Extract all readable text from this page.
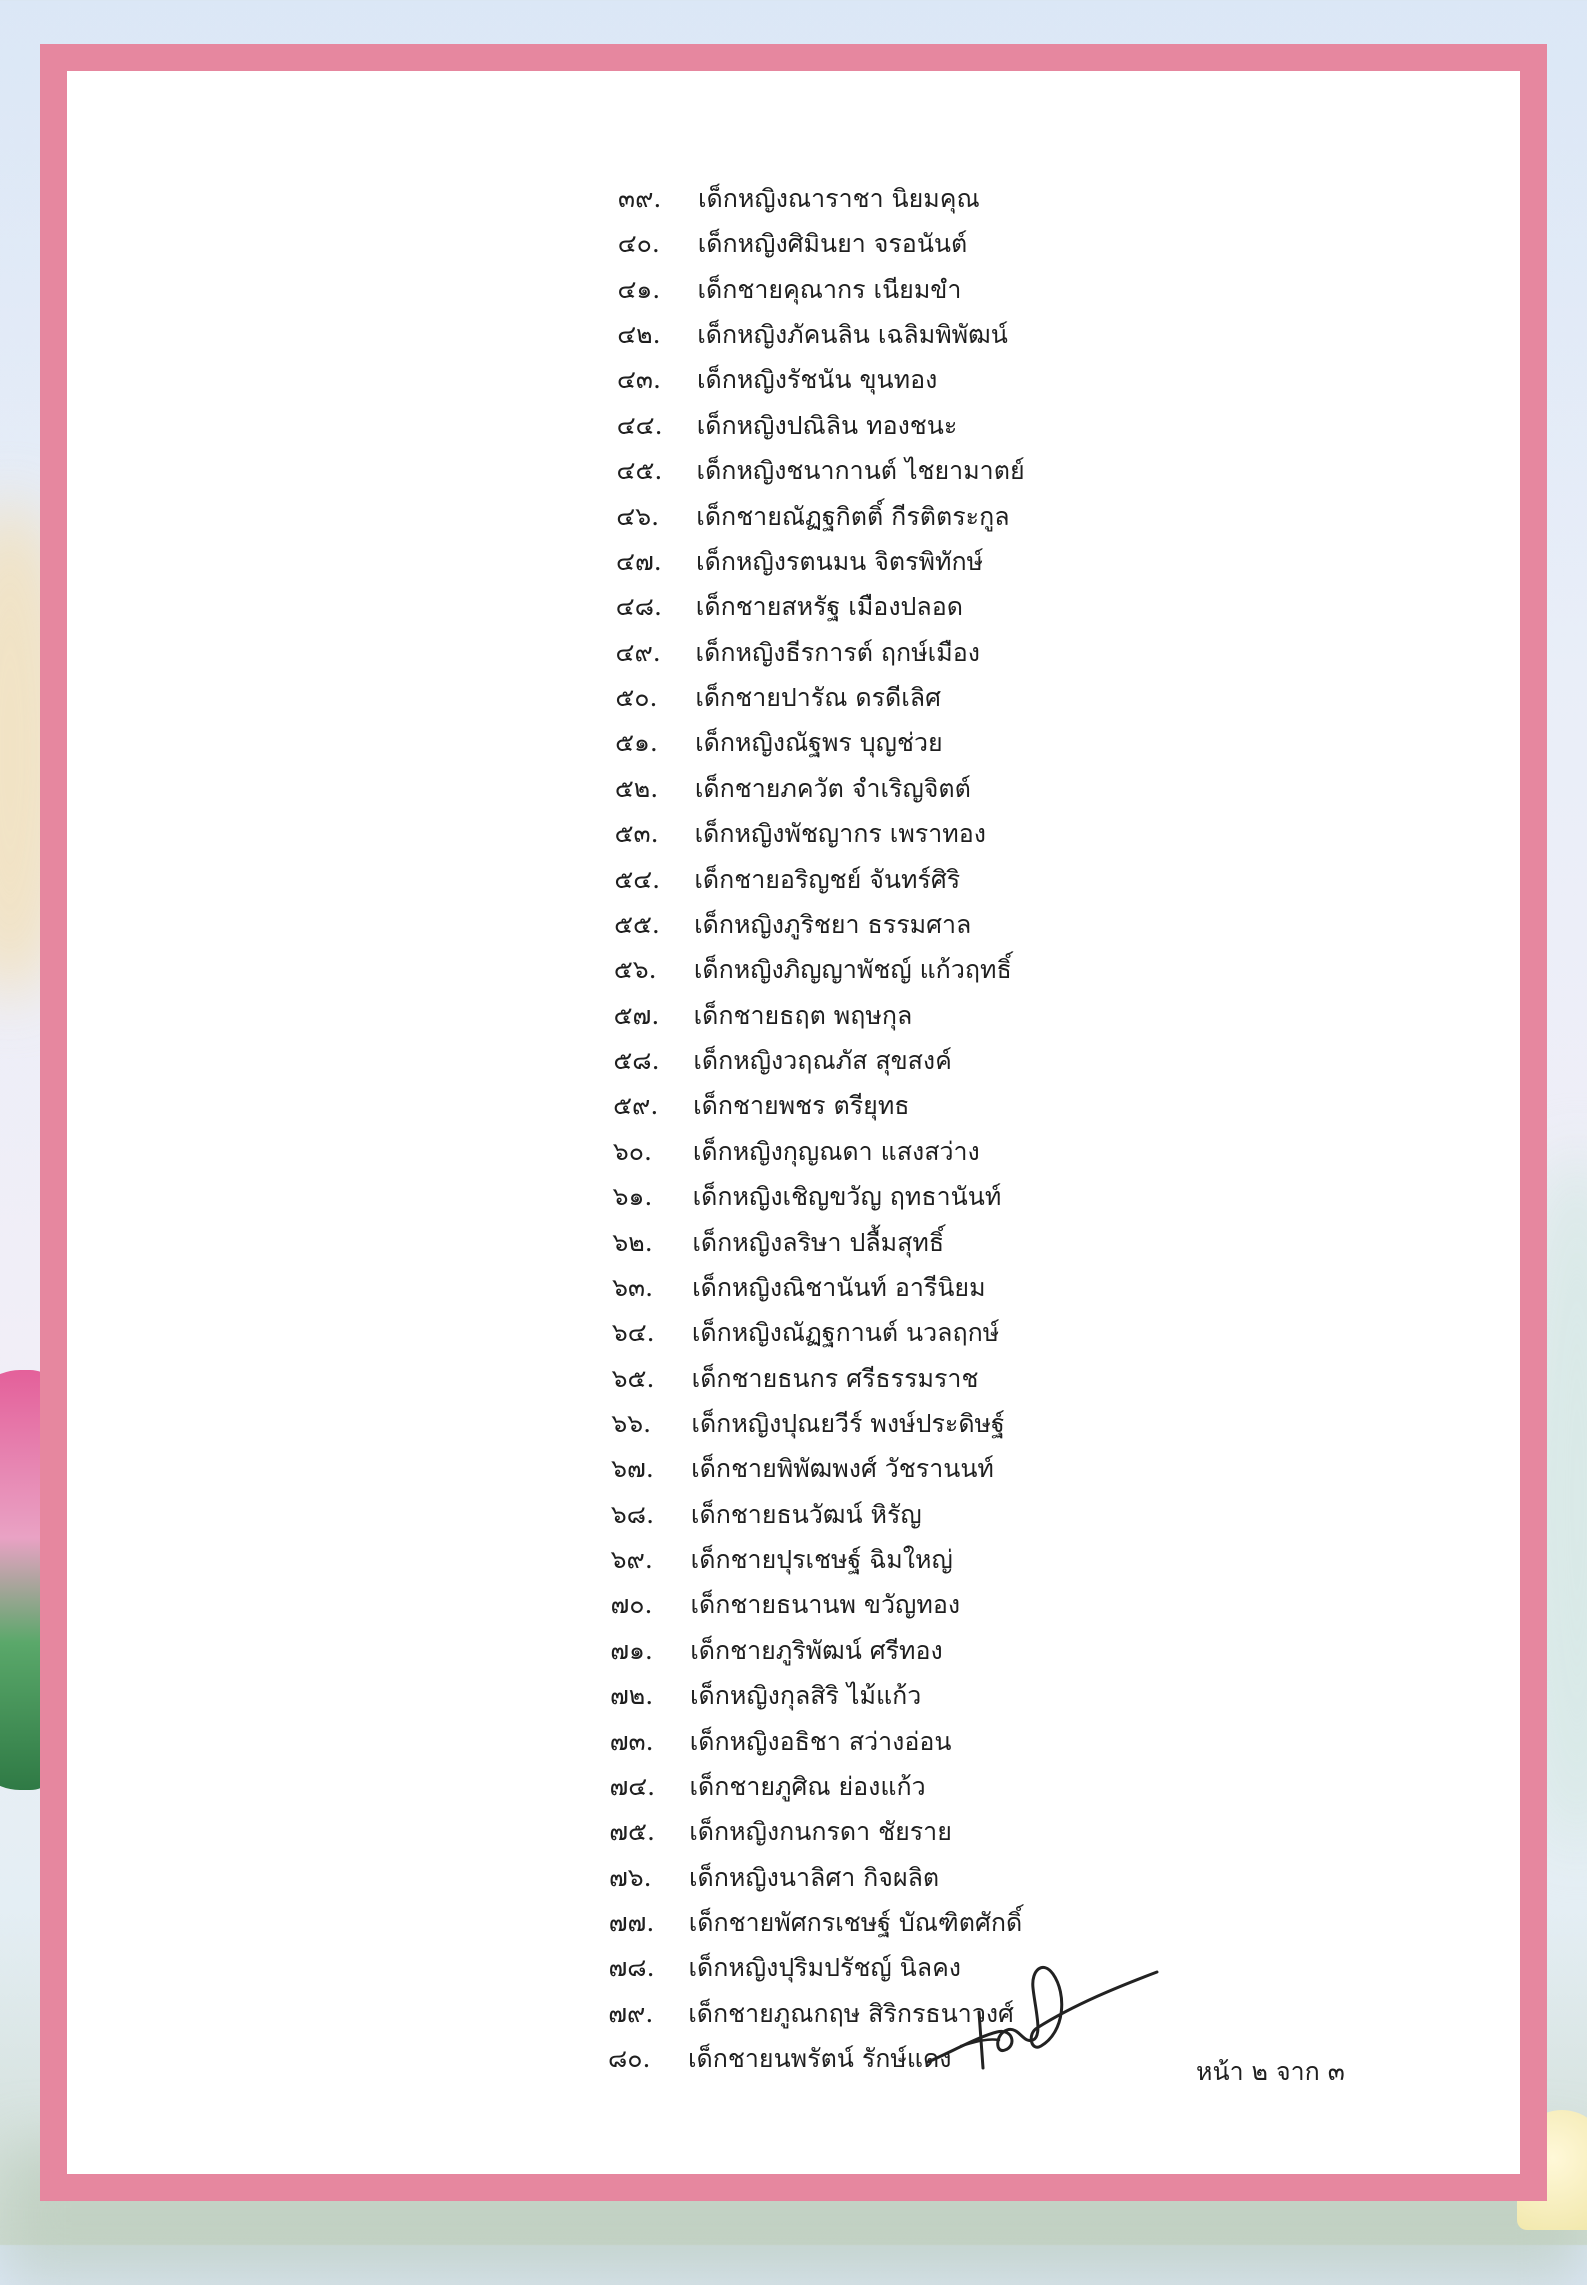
๓๙.	เด็กหญิงณาราชา นิยมคุณ
๔๐.	เด็กหญิงศิมินยา จรอนันต์
๔๑.	เด็กชายคุณากร เนียมขำ
๔๒.	เด็กหญิงภัคนลิน เฉลิมพิพัฒน์
๔๓.	เด็กหญิงรัชนัน ขุนทอง
๔๔.	เด็กหญิงปณิลิน ทองชนะ
๔๕.	เด็กหญิงชนากานต์ ไชยามาตย์
๔๖.	เด็กชายณัฏฐกิตติ์ กีรติตระกูล
๔๗.	เด็กหญิงรตนมน จิตรพิทักษ์
๔๘.	เด็กชายสหรัฐ เมืองปลอด
๔๙.	เด็กหญิงธีรการต์ ฤกษ์เมือง
๕๐.	เด็กชายปารัณ ดรดีเลิศ
๕๑.	เด็กหญิงณัฐพร บุญช่วย
๕๒.	เด็กชายภควัต จำเริญจิตต์
๕๓.	เด็กหญิงพัชญากร เพราทอง
๕๔.	เด็กชายอริญชย์ จันทร์ศิริ
๕๕.	เด็กหญิงภูริชยา ธรรมศาล
๕๖.	เด็กหญิงภิญญาพัชญ์ แก้วฤทธิ์
๕๗.	เด็กชายธฤต พฤษกุล
๕๘.	เด็กหญิงวฤณภัส สุขสงค์
๕๙.	เด็กชายพชร ตรียุทธ
๖๐.	เด็กหญิงกุญณดา แสงสว่าง
๖๑.	เด็กหญิงเชิญขวัญ ฤทธานันท์
๖๒.	เด็กหญิงลริษา ปลื้มสุทธิ์
๖๓.	เด็กหญิงณิชานันท์ อารีนิยม
๖๔.	เด็กหญิงณัฏฐกานต์ นวลฤกษ์
๖๕.	เด็กชายธนกร ศรีธรรมราช
๖๖.	เด็กหญิงปุณยวีร์ พงษ์ประดิษฐ์
๖๗.	เด็กชายพิพัฒพงศ์ วัชรานนท์
๖๘.	เด็กชายธนวัฒน์ หิรัญ
๖๙.	เด็กชายปุรเชษฐ์ ฉิมใหญ่
๗๐.	เด็กชายธนานพ ขวัญทอง
๗๑.	เด็กชายภูริพัฒน์ ศรีทอง
๗๒.	เด็กหญิงกุลสิริ ไม้แก้ว
๗๓.	เด็กหญิงอธิชา สว่างอ่อน
๗๔.	เด็กชายภูศิณ ย่องแก้ว
๗๕.	เด็กหญิงกนกรดา ชัยราย
๗๖.	เด็กหญิงนาลิศา กิจผลิต
๗๗.	เด็กชายพัศกรเชษฐ์ บัณฑิตศักดิ์
๗๘.	เด็กหญิงปุริมปรัชญ์ นิลคง
๗๙.	เด็กชายภูณกฤษ สิริกรธนาวงศ์
๘๐.	เด็กชายนพรัตน์ รักษ์แดง	หน้า ๒ จาก ๓
